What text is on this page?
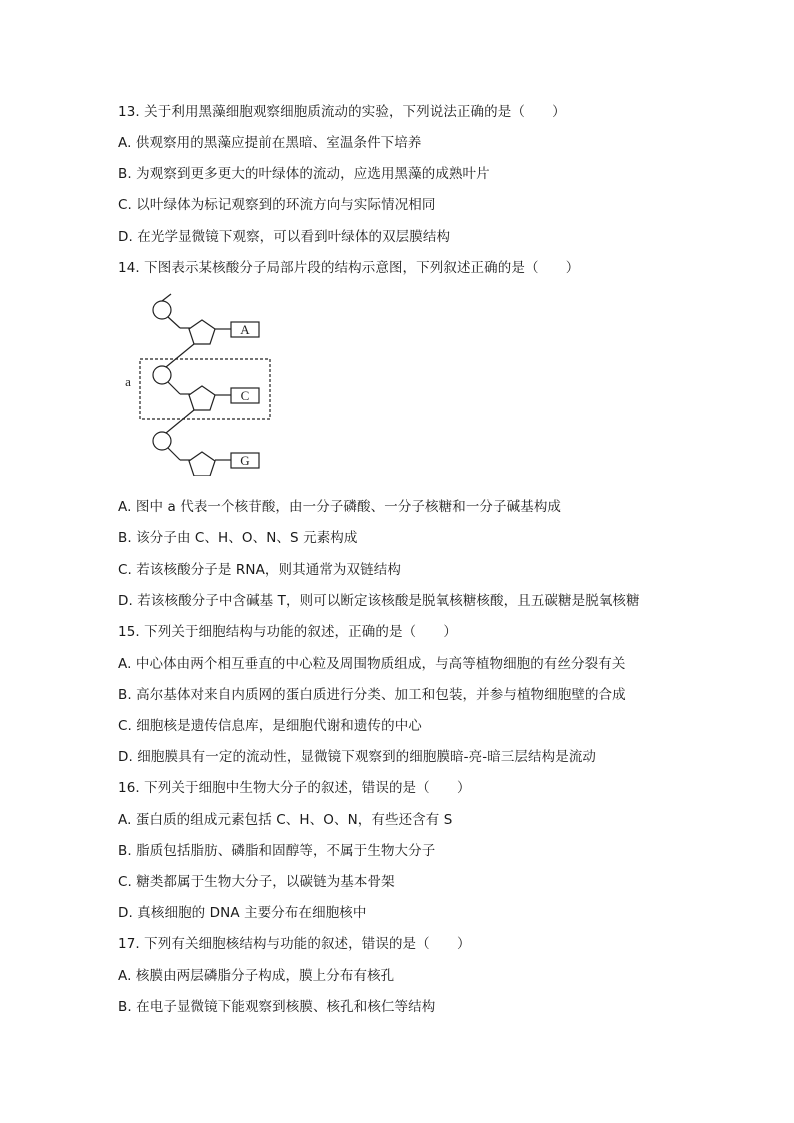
13. 关于利用黑藻细胞观察细胞质流动的实验，下列说法正确的是（　　）
A. 供观察用的黑藻应提前在黑暗、室温条件下培养
B. 为观察到更多更大的叶绿体的流动，应选用黑藻的成熟叶片
C. 以叶绿体为标记观察到的环流方向与实际情况相同
D. 在光学显微镜下观察，可以看到叶绿体的双层膜结构
14. 下图表示某核酸分子局部片段的结构示意图，下列叙述正确的是（　　）
A
C
G
a
A. 图中 a 代表一个核苷酸，由一分子磷酸、一分子核糖和一分子碱基构成
B. 该分子由 C、H、O、N、S 元素构成
C. 若该核酸分子是 RNA，则其通常为双链结构
D. 若该核酸分子中含碱基 T，则可以断定该核酸是脱氧核糖核酸，且五碳糖是脱氧核糖
15. 下列关于细胞结构与功能的叙述，正确的是（　　）
A. 中心体由两个相互垂直的中心粒及周围物质组成，与高等植物细胞的有丝分裂有关
B. 高尔基体对来自内质网的蛋白质进行分类、加工和包装，并参与植物细胞壁的合成
C. 细胞核是遗传信息库，是细胞代谢和遗传的中心
D. 细胞膜具有一定的流动性，显微镜下观察到的细胞膜暗-亮-暗三层结构是流动
16. 下列关于细胞中生物大分子的叙述，错误的是（　　）
A. 蛋白质的组成元素包括 C、H、O、N，有些还含有 S
B. 脂质包括脂肪、磷脂和固醇等，不属于生物大分子
C. 糖类都属于生物大分子，以碳链为基本骨架
D. 真核细胞的 DNA 主要分布在细胞核中
17. 下列有关细胞核结构与功能的叙述，错误的是（　　）
A. 核膜由两层磷脂分子构成，膜上分布有核孔
B. 在电子显微镜下能观察到核膜、核孔和核仁等结构
